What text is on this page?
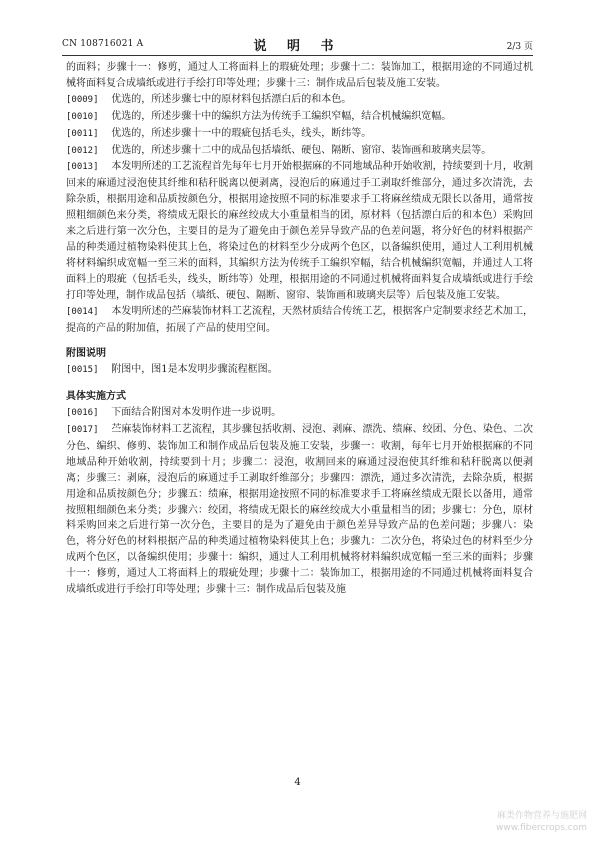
CN 108716021 A	说 明 书	2/3 页

的面料；步骤十一：修剪，通过人工将面料上的瑕疵处理；步骤十二：装饰加工，根据用途的不同通过机械将面料复合成墙纸或进行手绘打印等处理；步骤十三：制作成品后包装及施工安装。

[0009] 优选的，所述步骤七中的原材料包括漂白后的和本色。

[0010] 优选的，所述步骤十中的编织方法为传统手工编织窄幅，结合机械编织宽幅。

[0011] 优选的，所述步骤十一中的瑕疵包括毛头，线头，断纬等。

[0012] 优选的，所述步骤十二中的成品包括墙纸、硬包、隔断、窗帘、装饰画和玻璃夹层等。

[0013] 本发明所述的工艺流程首先每年七月开始根据麻的不同地域品种开始收割，持续要到十月，收割回来的麻通过浸泡使其纤维和秸秆脱离以便剥离，浸泡后的麻通过手工剥取纤维部分，通过多次清洗，去除杂质，根据用途和品质按颜色分，根据用途按照不同的标准要求手工将麻丝绩成无限长以备用，通常按照粗细颜色来分类，将绩成无限长的麻丝绞成大小重量相当的团，原材料（包括漂白后的和本色）采购回来之后进行第一次分色，主要目的是为了避免由于颜色差异导致产品的色差问题，将分好色的材料根据产品的种类通过植物染料使其上色，将染过色的材料至少分成两个色区，以备编织使用，通过人工利用机械将材料编织成宽幅一至三米的面料，其编织方法为传统手工编织窄幅，结合机械编织宽幅，并通过人工将面料上的瑕疵（包括毛头，线头，断纬等）处理，根据用途的不同通过机械将面料复合成墙纸或进行手绘打印等处理，制作成品包括（墙纸、硬包、隔断、窗帘、装饰画和玻璃夹层等）后包装及施工安装。

[0014] 本发明所述的苎麻装饰材料工艺流程，天然材质结合传统工艺，根据客户定制要求经艺术加工，提高的产品的附加值，拓展了产品的使用空间。

附图说明

[0015] 附图中，图1是本发明步骤流程框图。

具体实施方式

[0016] 下面结合附图对本发明作进一步说明。

[0017] 苎麻装饰材料工艺流程，其步骤包括收割、浸泡、剥麻、漂洗、绩麻、绞团、分色、染色、二次分色、编织、修剪、装饰加工和制作成品后包装及施工安装，步骤一：收割，每年七月开始根据麻的不同地域品种开始收割，持续要到十月；步骤二：浸泡，收割回来的麻通过浸泡使其纤维和秸秆脱离以便剥离；步骤三：剥麻，浸泡后的麻通过手工剥取纤维部分；步骤四：漂洗，通过多次清洗，去除杂质，根据用途和品质按颜色分；步骤五：绩麻，根据用途按照不同的标准要求手工将麻丝绩成无限长以备用，通常按照粗细颜色来分类；步骤六：绞团，将绩成无限长的麻丝绞成大小重量相当的团；步骤七：分色，原材料采购回来之后进行第一次分色，主要目的是为了避免由于颜色差异导致产品的色差问题；步骤八：染色，将分好色的材料根据产品的种类通过植物染料使其上色；步骤九：二次分色，将染过色的材料至少分成两个色区，以备编织使用；步骤十：编织，通过人工利用机械将材料编织成宽幅一至三米的面料；步骤十一：修剪，通过人工将面料上的瑕疵处理；步骤十二：装饰加工，根据用途的不同通过机械将面料复合成墙纸或进行手绘打印等处理；步骤十三：制作成品后包装及施

4
麻类作物营养与施肥网
www.fibercrops.com
